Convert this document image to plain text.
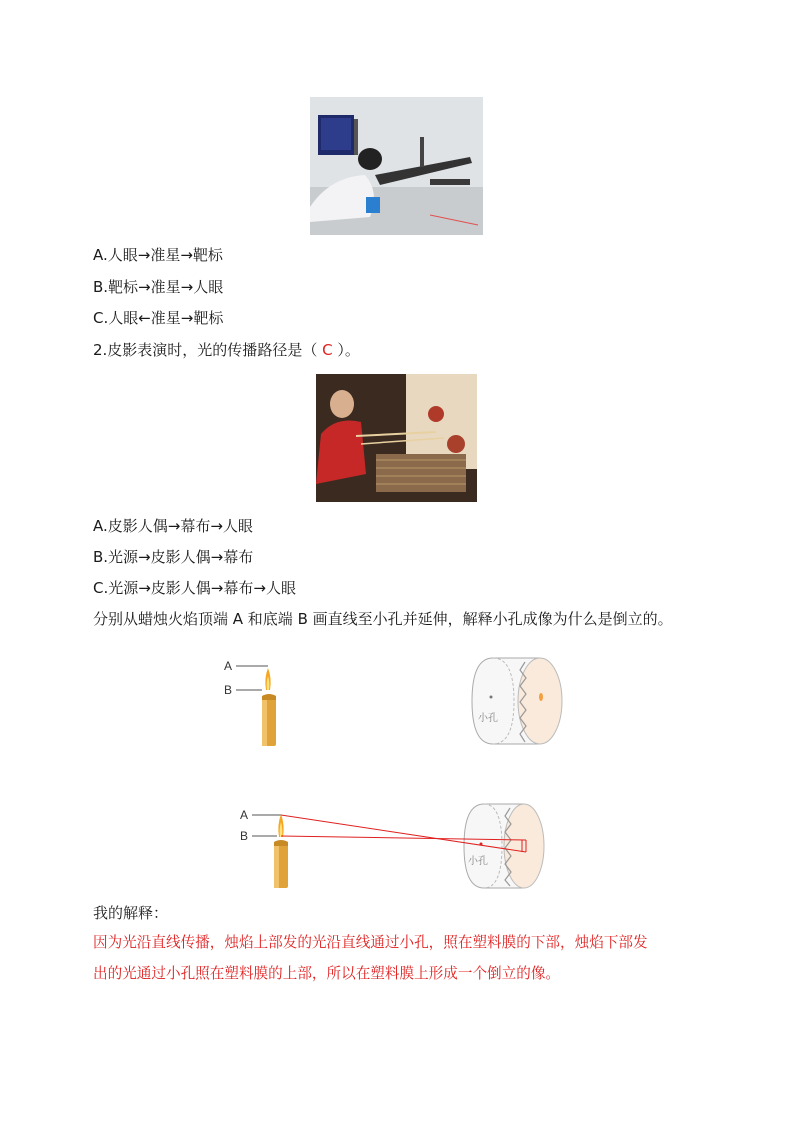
A.人眼→准星→靶标
B.靶标→准星→人眼
C.人眼←准星→靶标
2.皮影表演时，光的传播路径是（ C ）。
A.皮影人偶→幕布→人眼
B.光源→皮影人偶→幕布
C.光源→皮影人偶→幕布→人眼
分别从蜡烛火焰顶端 A 和底端 B 画直线至小孔并延伸，解释小孔成像为什么是倒立的。
A
B
小孔
A
B
小孔
我的解释：
因为光沿直线传播，烛焰上部发的光沿直线通过小孔，照在塑料膜的下部，烛焰下部发
出的光通过小孔照在塑料膜的上部，所以在塑料膜上形成一个倒立的像。
